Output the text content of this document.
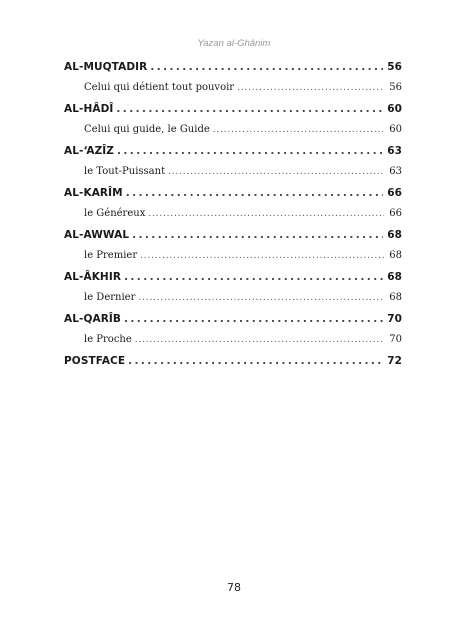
Yazan al-Ghânim
AL-MUQTADIR .....	56
Celui qui détient tout pouvoir .....	56
AL-HÂDÎ .....	60
Celui qui guide, le Guide .....	60
AL-‘AZÎZ .....	63
le Tout-Puissant .....	63
AL-KARÎM .....	66
le Généreux .....	66
AL-AWWAL .....	68
le Premier .....	68
AL-ÂKHIR .....	68
le Dernier .....	68
AL-QARÎB .....	70
le Proche .....	70
POSTFACE .....	72
78
